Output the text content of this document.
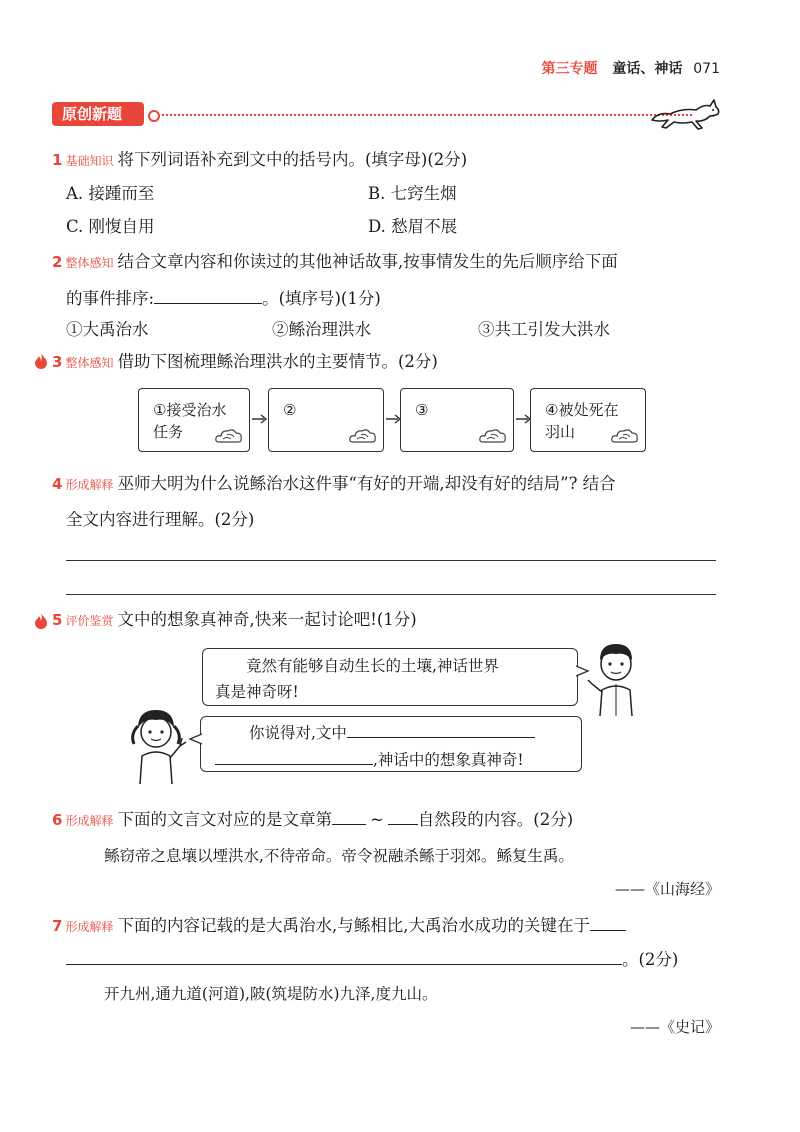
第三专题 童话、神话 071
原创新题
1 基础知识 将下列词语补充到文中的括号内。(填字母)(2分)
A. 接踵而至	B. 七窍生烟
C. 刚愎自用	D. 愁眉不展
2 整体感知 结合文章内容和你读过的其他神话故事,按事情发生的先后顺序给下面
的事件排序:	。(填序号)(1分)
①大禹治水	②鲧治理洪水	③共工引发大洪水
3 整体感知 借助下图梳理鲧治理洪水的主要情节。(2分)
①接受治水
任务
②	③	④被处死在
羽山
4 形成解释 巫师大明为什么说鲧治水这件事“有好的开端,却没有好的结局”? 结合
全文内容进行理解。(2分)
5 评价鉴赏 文中的想象真神奇,快来一起讨论吧!(1分)
竟然有能够自动生长的土壤,神话世界
真是神奇呀!
你说得对,文中
,神话中的想象真神奇!
6 形成解释 下面的文言文对应的是文章第 ~ 自然段的内容。(2分)
鲧窃帝之息壤以堙洪水,不待帝命。帝令祝融杀鲧于羽郊。鲧复生禹。
——《山海经》
7 形成解释 下面的内容记载的是大禹治水,与鲧相比,大禹治水成功的关键在于
。(2分)
开九州,通九道(河道),陂(筑堤防水)九泽,度九山。
——《史记》
